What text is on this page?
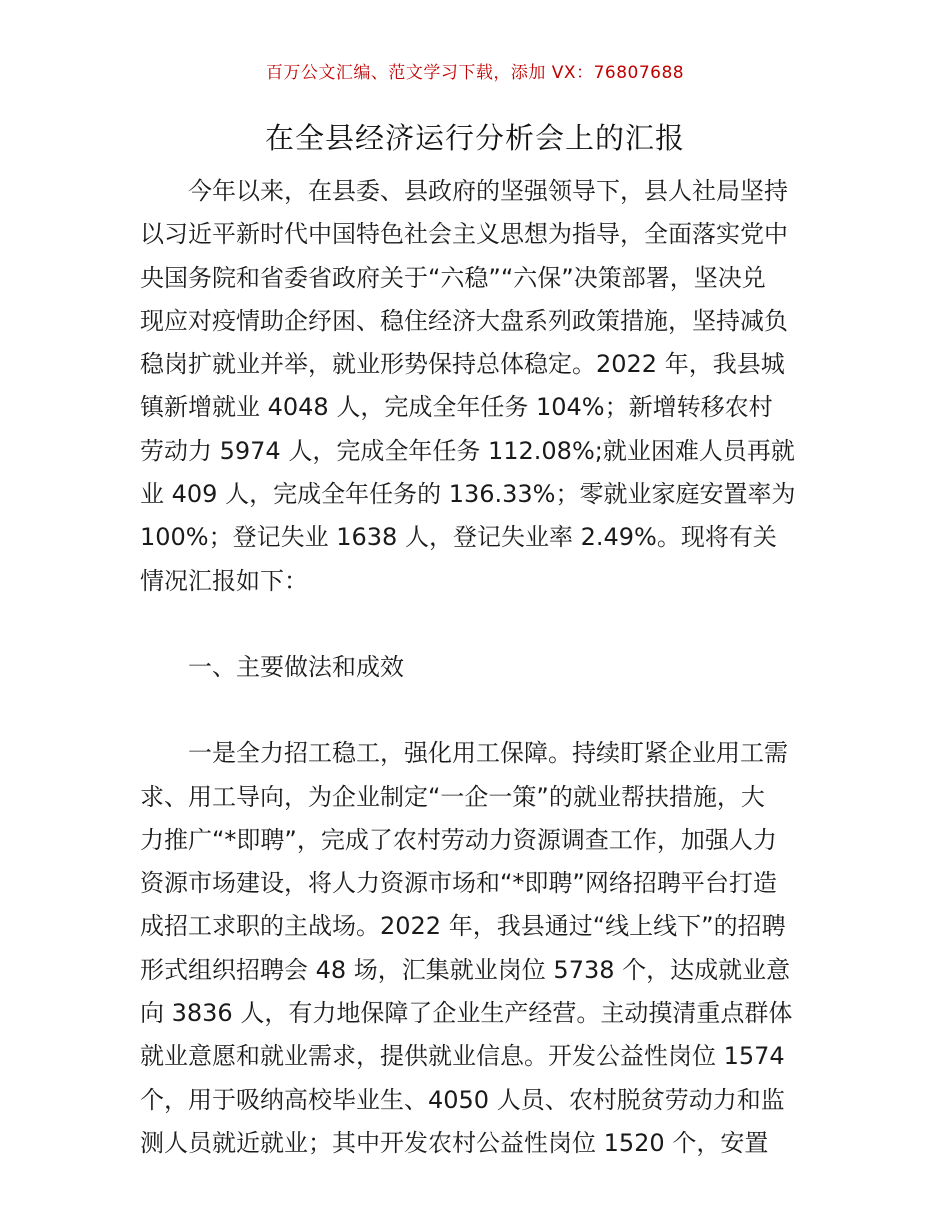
百万公文汇编、范文学习下载，添加 VX：76807688
在全县经济运行分析会上的汇报
今年以来，在县委、县政府的坚强领导下，县人社局坚持
以习近平新时代中国特色社会主义思想为指导，全面落实党中
央国务院和省委省政府关于“六稳”“六保”决策部署，坚决兑
现应对疫情助企纾困、稳住经济大盘系列政策措施，坚持减负
稳岗扩就业并举，就业形势保持总体稳定。2022 年，我县城
镇新增就业 4048 人，完成全年任务 104%；新增转移农村
劳动力 5974 人，完成全年任务 112.08%;就业困难人员再就
业 409 人，完成全年任务的 136.33%；零就业家庭安置率为
100%；登记失业 1638 人，登记失业率 2.49%。现将有关
情况汇报如下：
一、主要做法和成效
一是全力招工稳工，强化用工保障。持续盯紧企业用工需
求、用工导向，为企业制定“一企一策”的就业帮扶措施，大
力推广“*即聘”，完成了农村劳动力资源调查工作，加强人力
资源市场建设，将人力资源市场和“*即聘”网络招聘平台打造
成招工求职的主战场。2022 年，我县通过“线上线下”的招聘
形式组织招聘会 48 场，汇集就业岗位 5738 个，达成就业意
向 3836 人，有力地保障了企业生产经营。主动摸清重点群体
就业意愿和就业需求，提供就业信息。开发公益性岗位 1574
个，用于吸纳高校毕业生、4050 人员、农村脱贫劳动力和监
测人员就近就业；其中开发农村公益性岗位 1520 个，安置
